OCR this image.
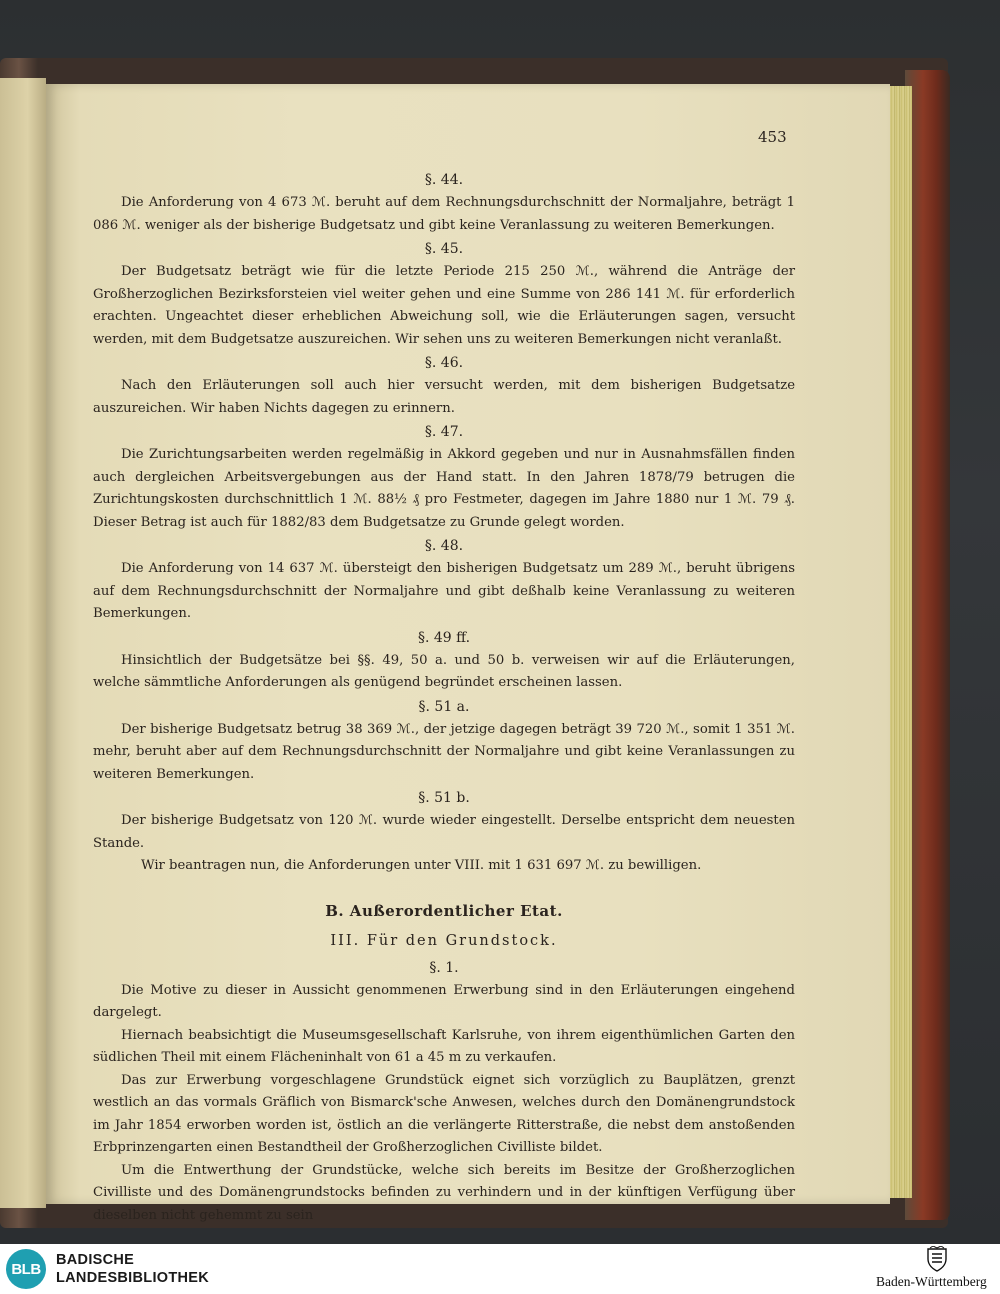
453

§. 44.

Die Anforderung von 4 673 ℳ. beruht auf dem Rechnungsdurchschnitt der Normaljahre, beträgt 1 086 ℳ. weniger als der bisherige Budgetsatz und gibt keine Veranlassung zu weiteren Bemerkungen.

§. 45.

Der Budgetsatz beträgt wie für die letzte Periode 215 250 ℳ., während die Anträge der Großherzoglichen Bezirksforsteien viel weiter gehen und eine Summe von 286 141 ℳ. für erforderlich erachten. Ungeachtet dieser erheblichen Abweichung soll, wie die Erläuterungen sagen, versucht werden, mit dem Budgetsatze auszureichen. Wir sehen uns zu weiteren Bemerkungen nicht veranlaßt.

§. 46.

Nach den Erläuterungen soll auch hier versucht werden, mit dem bisherigen Budgetsatze auszureichen. Wir haben Nichts dagegen zu erinnern.

§. 47.

Die Zurichtungsarbeiten werden regelmäßig in Akkord gegeben und nur in Ausnahmsfällen finden auch dergleichen Arbeitsvergebungen aus der Hand statt. In den Jahren 1878/79 betrugen die Zurichtungskosten durchschnittlich 1 ℳ. 88½ ₰ pro Festmeter, dagegen im Jahre 1880 nur 1 ℳ. 79 ₰. Dieser Betrag ist auch für 1882/83 dem Budgetsatze zu Grunde gelegt worden.

§. 48.

Die Anforderung von 14 637 ℳ. übersteigt den bisherigen Budgetsatz um 289 ℳ., beruht übrigens auf dem Rechnungsdurchschnitt der Normaljahre und gibt deßhalb keine Veranlassung zu weiteren Bemerkungen.

§. 49 ff.

Hinsichtlich der Budgetsätze bei §§. 49, 50 a. und 50 b. verweisen wir auf die Erläuterungen, welche sämmtliche Anforderungen als genügend begründet erscheinen lassen.

§. 51 a.

Der bisherige Budgetsatz betrug 38 369 ℳ., der jetzige dagegen beträgt 39 720 ℳ., somit 1 351 ℳ. mehr, beruht aber auf dem Rechnungsdurchschnitt der Normaljahre und gibt keine Veranlassungen zu weiteren Bemerkungen.

§. 51 b.

Der bisherige Budgetsatz von 120 ℳ. wurde wieder eingestellt. Derselbe entspricht dem neuesten Stande.

Wir beantragen nun, die Anforderungen unter VIII. mit 1 631 697 ℳ. zu bewilligen.

B. Außerordentlicher Etat.

III. Für den Grundstock.

§. 1.

Die Motive zu dieser in Aussicht genommenen Erwerbung sind in den Erläuterungen eingehend dargelegt.

Hiernach beabsichtigt die Museumsgesellschaft Karlsruhe, von ihrem eigenthümlichen Garten den südlichen Theil mit einem Flächeninhalt von 61 a 45 m zu verkaufen.

Das zur Erwerbung vorgeschlagene Grundstück eignet sich vorzüglich zu Bauplätzen, grenzt westlich an das vormals Gräflich von Bismarck'sche Anwesen, welches durch den Domänengrundstock im Jahr 1854 erworben worden ist, östlich an die verlängerte Ritterstraße, die nebst dem anstoßenden Erbprinzengarten einen Bestandtheil der Großherzoglichen Civilliste bildet.

Um die Entwerthung der Grundstücke, welche sich bereits im Besitze der Großherzoglichen Civilliste und des Domänengrundstocks befinden zu verhindern und in der künftigen Verfügung über dieselben nicht gehemmt zu sein

BLB
BADISCHE
LANDESBIBLIOTHEK	Baden-Württemberg
